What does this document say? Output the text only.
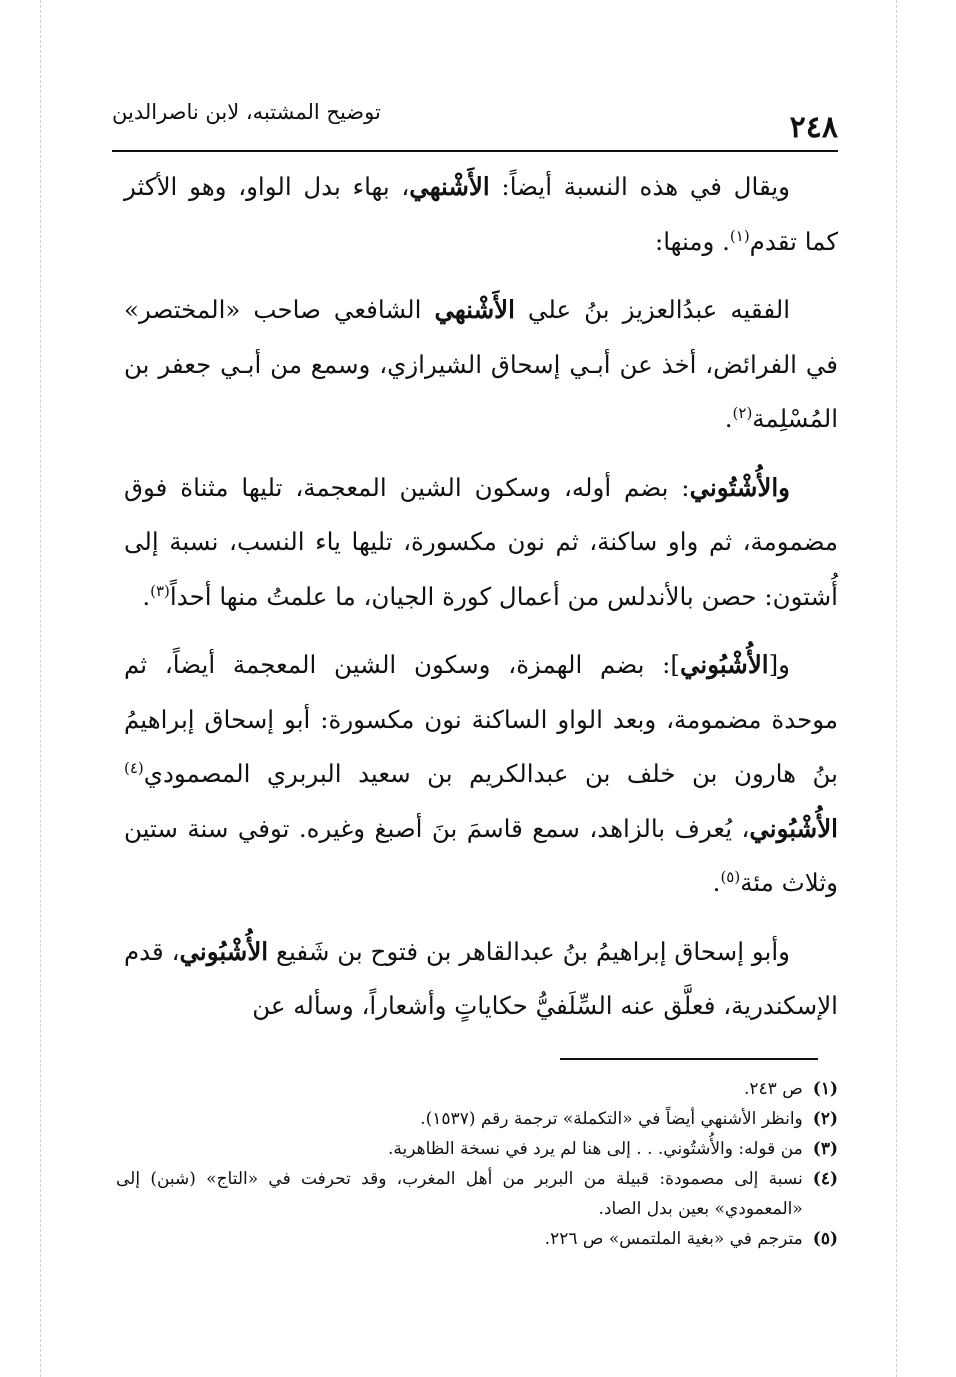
٢٤٨
توضيح المشتبه، لابن ناصرالدين

ويقال في هذه النسبة أيضاً: الأَشْنهي، بهاء بدل الواو، وهو الأكثر كما تقدم$^{(١)}$. ومنها:

الفقيه عبدُالعزيز بنُ علي الأَشْنهي الشافعي صاحب «المختصر» في الفرائض، أخذ عن أبـي إسحاق الشيرازي، وسمع من أبـي جعفر بن المُسْلِمة$^{(٢)}$.

والأُشْتُوني: بضم أوله، وسكون الشين المعجمة، تليها مثناة فوق مضمومة، ثم واو ساكنة، ثم نون مكسورة، تليها ياء النسب، نسبة إلى أُشتون: حصن بالأندلس من أعمال كورة الجيان، ما علمتُ منها أحداً$^{(٣)}$.

و[الأُشْبُوني]: بضم الهمزة، وسكون الشين المعجمة أيضاً، ثم موحدة مضمومة، وبعد الواو الساكنة نون مكسورة: أبو إسحاق إبراهيمُ بنُ هارون بن خلف بن عبدالكريم بن سعيد البربري المصمودي$^{(٤)}$ الأُشْبُوني، يُعرف بالزاهد، سمع قاسمَ بنَ أصبغ وغيره. توفي سنة ستين وثلاث مئة$^{(٥)}$.

وأبو إسحاق إبراهيمُ بنُ عبدالقاهر بن فتوح بن شَفيع الأُشْبُوني، قدم الإسكندرية، فعلَّق عنه السِّلَفيُّ حكاياتٍ وأشعاراً، وسأله عن

(١)
ص ٢٤٣.
(٢)
وانظر الأشنهي أيضاً في «التكملة» ترجمة رقم (١٥٣٧).
(٣)
من قوله: والأُشتُوني. . . إلى هنا لم يرد في نسخة الظاهرية.
(٤)
نسبة إلى مصمودة: قبيلة من البربر من أهل المغرب، وقد تحرفت في «التاج» (شبن) إلى «المعمودي» بعين بدل الصاد.
(٥)
مترجم في «بغية الملتمس» ص ٢٢٦.
